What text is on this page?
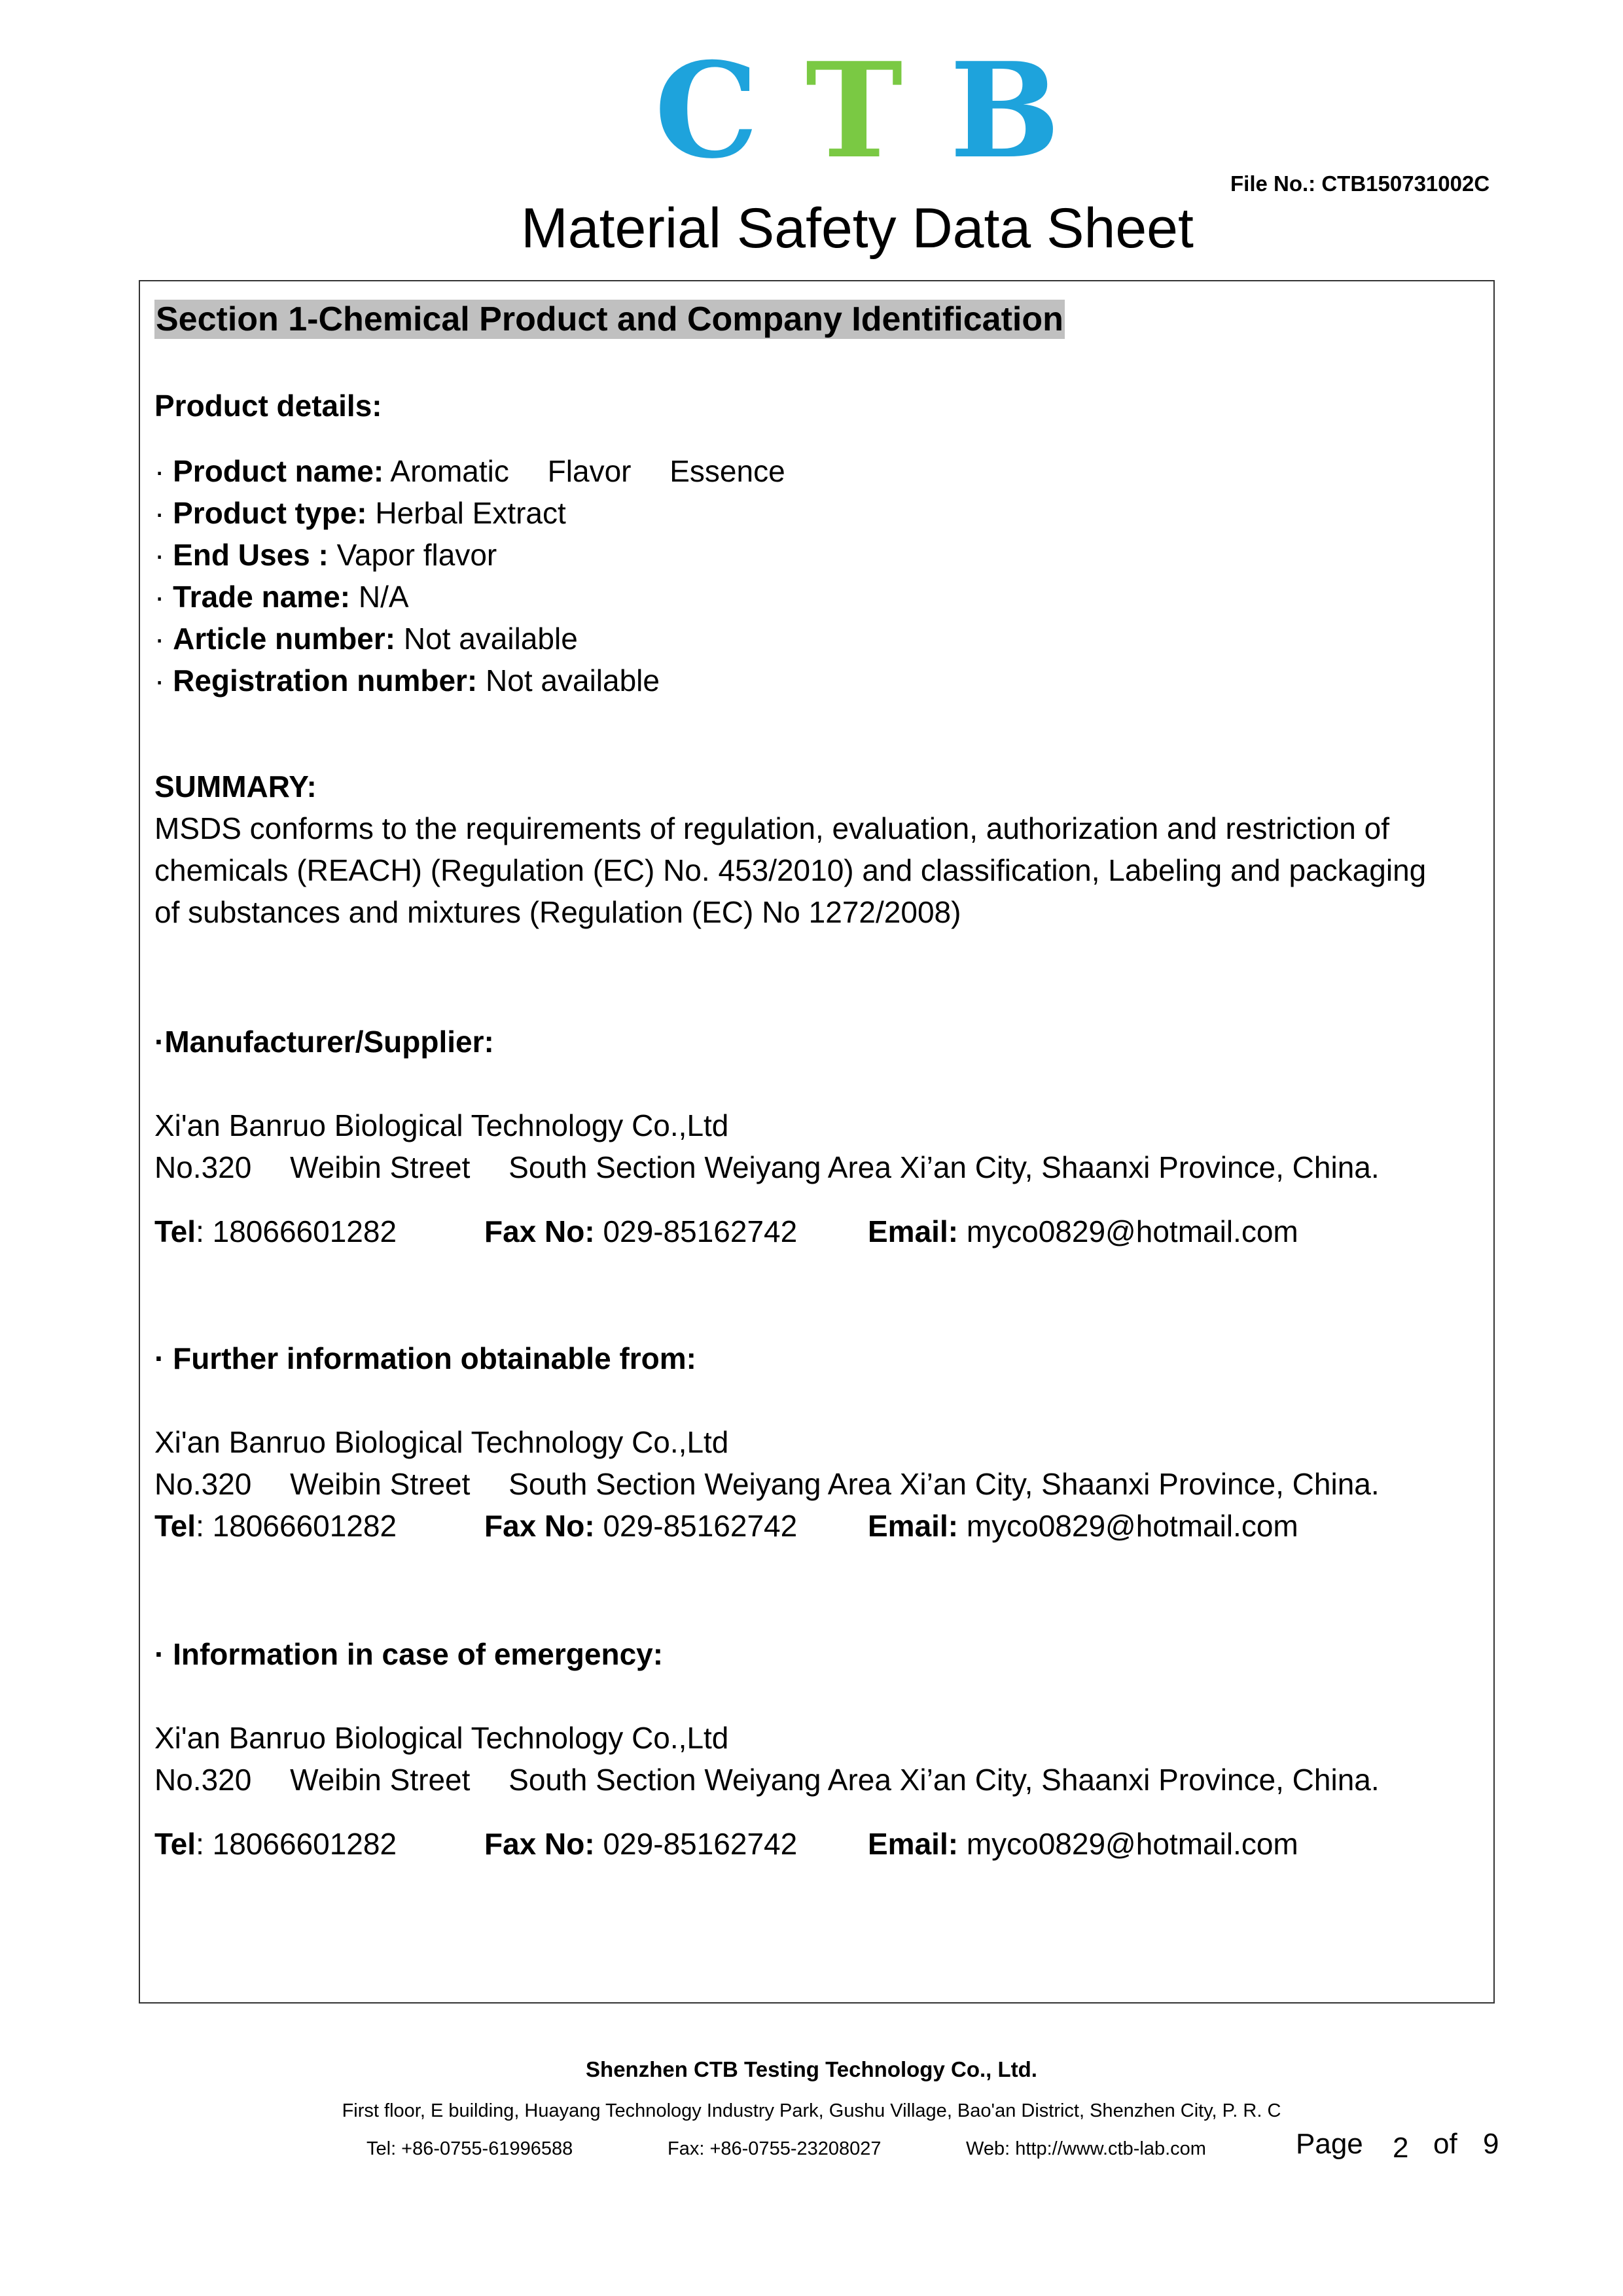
C T B	File No.: CTB150731002C
Material Safety Data Sheet
Section 1-Chemical Product and Company Identification
Product details:
· Product name: Aromatic  Flavor  Essence
· Product type: Herbal Extract
· End Uses : Vapor flavor
· Trade name: N/A
· Article number: Not available
· Registration number: Not available
SUMMARY:
MSDS conforms to the requirements of regulation, evaluation, authorization and restriction of
chemicals (REACH) (Regulation (EC) No. 453/2010) and classification, Labeling and packaging
of substances and mixtures (Regulation (EC) No 1272/2008)
·Manufacturer/Supplier:
Xi'an Banruo Biological Technology Co.,Ltd
No.320  Weibin Street  South Section Weiyang Area Xi’an City, Shaanxi Province, China.
Tel: 18066601282	Fax No: 029-85162742 Email: myco0829@hotmail.com
· Further information obtainable from:
Xi'an Banruo Biological Technology Co.,Ltd
No.320  Weibin Street  South Section Weiyang Area Xi’an City, Shaanxi Province, China.
Tel: 18066601282	Fax No: 029-85162742 Email: myco0829@hotmail.com
· Information in case of emergency:
Xi'an Banruo Biological Technology Co.,Ltd
No.320  Weibin Street  South Section Weiyang Area Xi’an City, Shaanxi Province, China.
Tel: 18066601282	Fax No: 029-85162742 Email: myco0829@hotmail.com
Shenzhen CTB Testing Technology Co., Ltd.
First floor, E building, Huayang Technology Industry Park, Gushu Village, Bao'an District, Shenzhen City, P. R. C
Tel: +86-0755-61996588	Fax: +86-0755-23208027	Web: http://www.ctb-lab.com	Page 2 of 9
